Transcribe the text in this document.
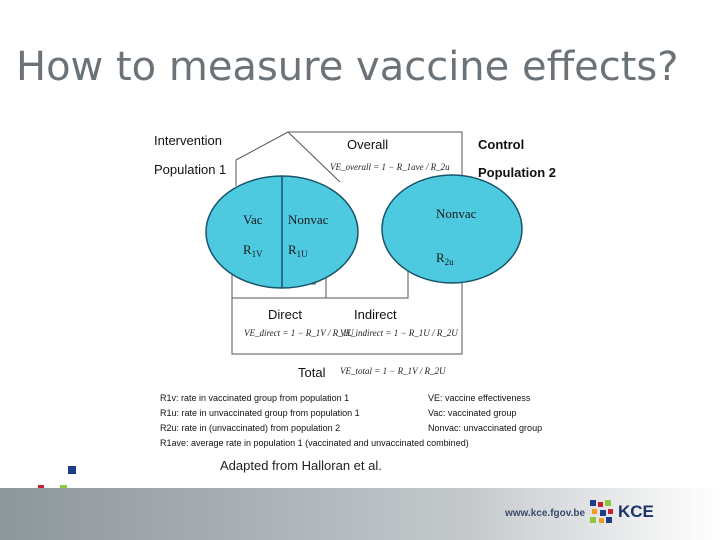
How to measure vaccine effects?
Intervention
Population 1
Control
Population 2
Overall
Direct	Indirect
Total
Vac Nonvac	Nonvac
$R_{1V}$ $R_{1U}$	$R_{2u}$
VE_overall = 1 − R_1ave / R_2u
VE_direct = 1 − R_1V / R_1U
VE_indirect = 1 − R_1U / R_2U
VE_total = 1 − R_1V / R_2U
R1v: rate in vaccinated group from population 1
R1u: rate in unvaccinated group from population 1
R2u: rate in (unvaccinated) from population 2
R1ave: average rate in population 1 (vaccinated and unvaccinated combined)
VE: vaccine effectiveness
Vac: vaccinated group
Nonvac: unvaccinated group
Adapted from Halloran et al.
www.kce.fgov.be KCE
